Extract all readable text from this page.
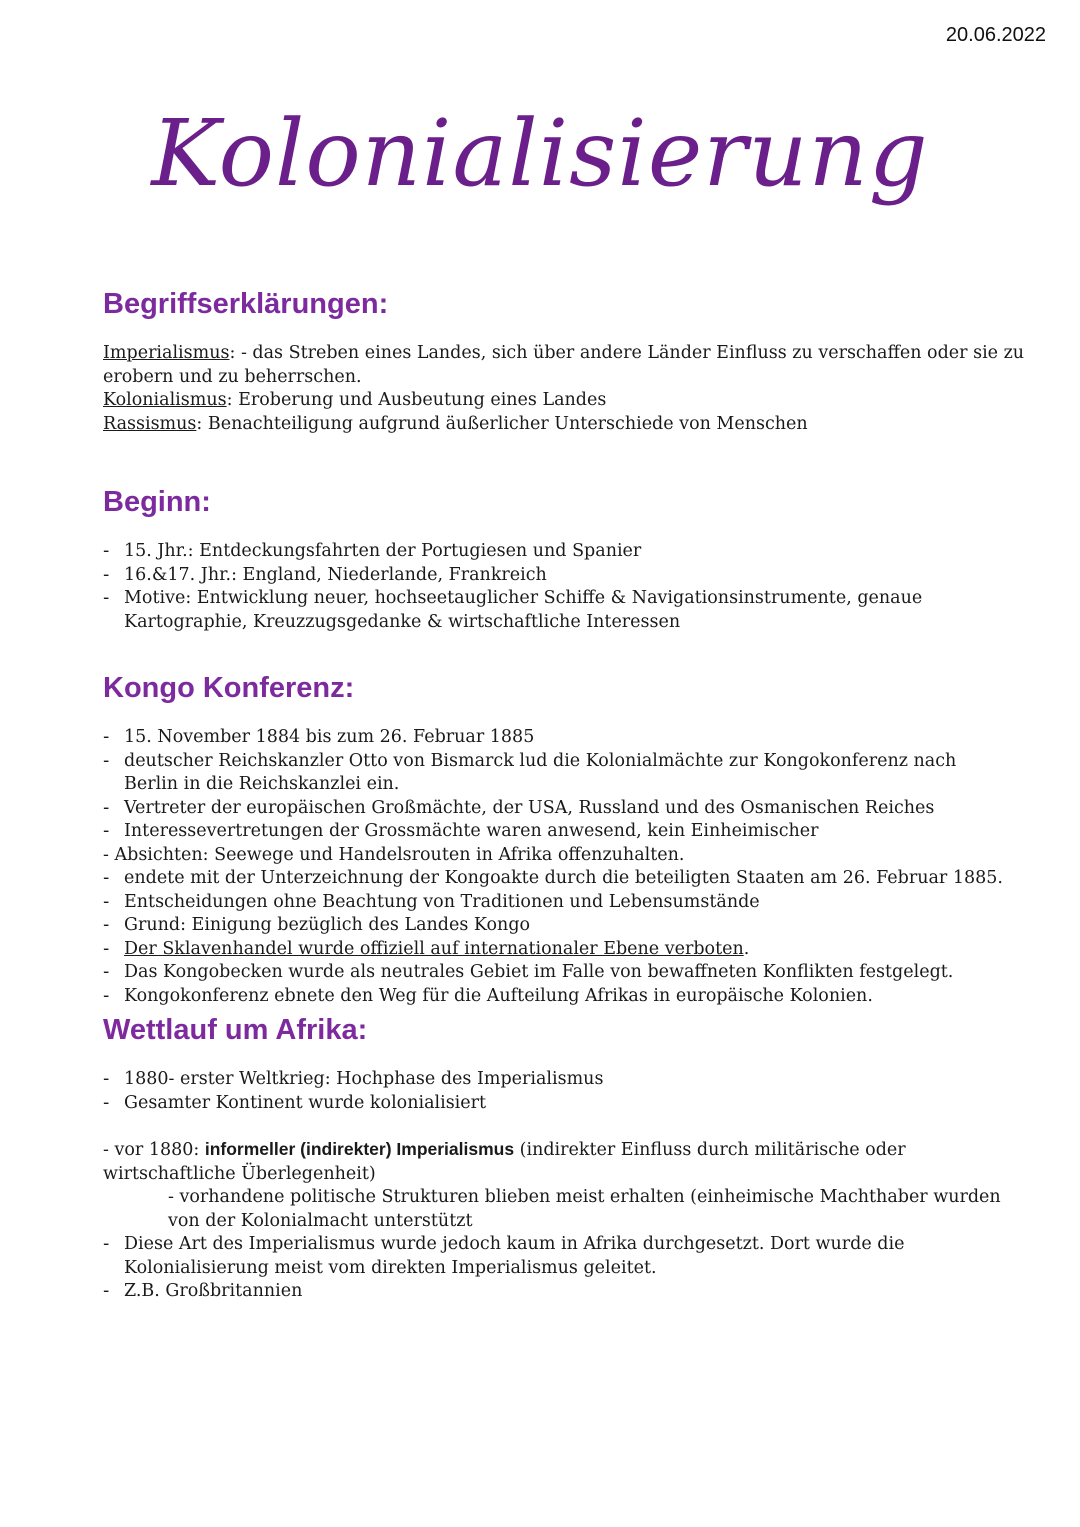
20.06.2022
Kolonialisierung
Begriffserklärungen:
Imperialismus: - das Streben eines Landes, sich über andere Länder Einfluss zu verschaffen oder sie zu
erobern und zu beherrschen.
Kolonialismus: Eroberung und Ausbeutung eines Landes
Rassismus: Benachteiligung aufgrund äußerlicher Unterschiede von Menschen
Beginn:
- 15. Jhr.: Entdeckungsfahrten der Portugiesen und Spanier
- 16.&17. Jhr.: England, Niederlande, Frankreich
- Motive: Entwicklung neuer, hochseetauglicher Schiffe & Navigationsinstrumente, genaue
Kartographie, Kreuzzugsgedanke & wirtschaftliche Interessen
Kongo Konferenz:
- 15. November 1884 bis zum 26. Februar 1885
- deutscher Reichskanzler Otto von Bismarck lud die Kolonialmächte zur Kongokonferenz nach
Berlin in die Reichskanzlei ein.
- Vertreter der europäischen Großmächte, der USA, Russland und des Osmanischen Reiches
- Interessevertretungen der Grossmächte waren anwesend, kein Einheimischer
- Absichten: Seewege und Handelsrouten in Afrika offenzuhalten.
- endete mit der Unterzeichnung der Kongoakte durch die beteiligten Staaten am 26. Februar 1885.
- Entscheidungen ohne Beachtung von Traditionen und Lebensumstände
- Grund: Einigung bezüglich des Landes Kongo
- Der Sklavenhandel wurde offiziell auf internationaler Ebene verboten.
- Das Kongobecken wurde als neutrales Gebiet im Falle von bewaffneten Konflikten festgelegt.
- Kongokonferenz ebnete den Weg für die Aufteilung Afrikas in europäische Kolonien.
Wettlauf um Afrika:
- 1880- erster Weltkrieg: Hochphase des Imperialismus
- Gesamter Kontinent wurde kolonialisiert
- vor 1880: informeller (indirekter) Imperialismus (indirekter Einfluss durch militärische oder
wirtschaftliche Überlegenheit)
- vorhandene politische Strukturen blieben meist erhalten (einheimische Machthaber wurden
von der Kolonialmacht unterstützt
- Diese Art des Imperialismus wurde jedoch kaum in Afrika durchgesetzt. Dort wurde die
Kolonialisierung meist vom direkten Imperialismus geleitet.
- Z.B. Großbritannien
